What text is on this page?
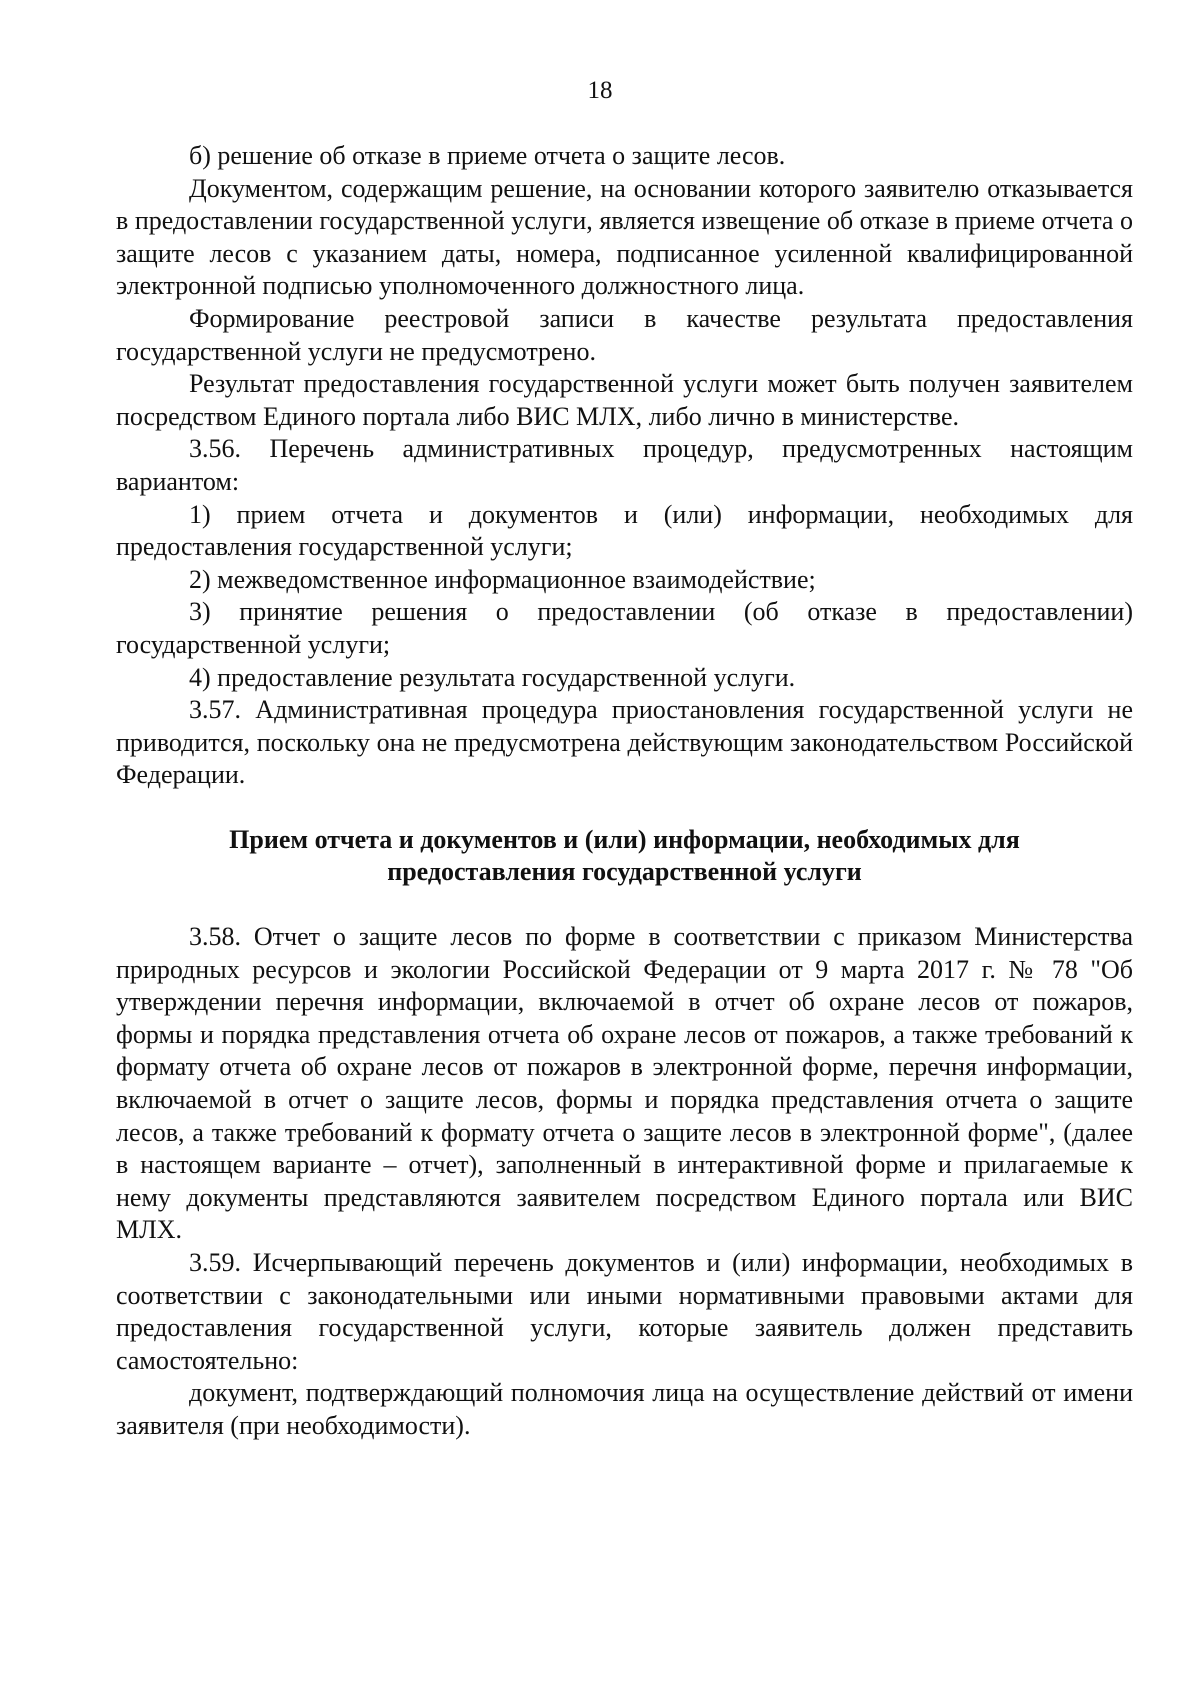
18

б) решение об отказе в приеме отчета о защите лесов.

Документом, содержащим решение, на основании которого заявителю отказывается в предоставлении государственной услуги, является извещение об отказе в приеме отчета о защите лесов с указанием даты, номера, подписанное усиленной квалифицированной электронной подписью уполномоченного должностного лица.

Формирование реестровой записи в качестве результата предоставления государственной услуги не предусмотрено.

Результат предоставления государственной услуги может быть получен заявителем посредством Единого портала либо ВИС МЛХ, либо лично в министерстве.

3.56. Перечень административных процедур, предусмотренных настоящим вариантом:

1) прием отчета и документов и (или) информации, необходимых для предоставления государственной услуги;

2) межведомственное информационное взаимодействие;

3) принятие решения о предоставлении (об отказе в предоставлении) государственной услуги;

4) предоставление результата государственной услуги.

3.57. Административная процедура приостановления государственной услуги не приводится, поскольку она не предусмотрена действующим законодательством Российской Федерации.

Прием отчета и документов и (или) информации, необходимых для предоставления государственной услуги

3.58. Отчет о защите лесов по форме в соответствии с приказом Министерства природных ресурсов и экологии Российской Федерации от 9 марта 2017 г. № 78 "Об утверждении перечня информации, включаемой в отчет об охране лесов от пожаров, формы и порядка представления отчета об охране лесов от пожаров, а также требований к формату отчета об охране лесов от пожаров в электронной форме, перечня информации, включаемой в отчет о защите лесов, формы и порядка представления отчета о защите лесов, а также требований к формату отчета о защите лесов в электронной форме", (далее в настоящем варианте – отчет), заполненный в интерактивной форме и прилагаемые к нему документы представляются заявителем посредством Единого портала или ВИС МЛХ.

3.59. Исчерпывающий перечень документов и (или) информации, необходимых в соответствии с законодательными или иными нормативными правовыми актами для предоставления государственной услуги, которые заявитель должен представить самостоятельно:

документ, подтверждающий полномочия лица на осуществление действий от имени заявителя (при необходимости).
